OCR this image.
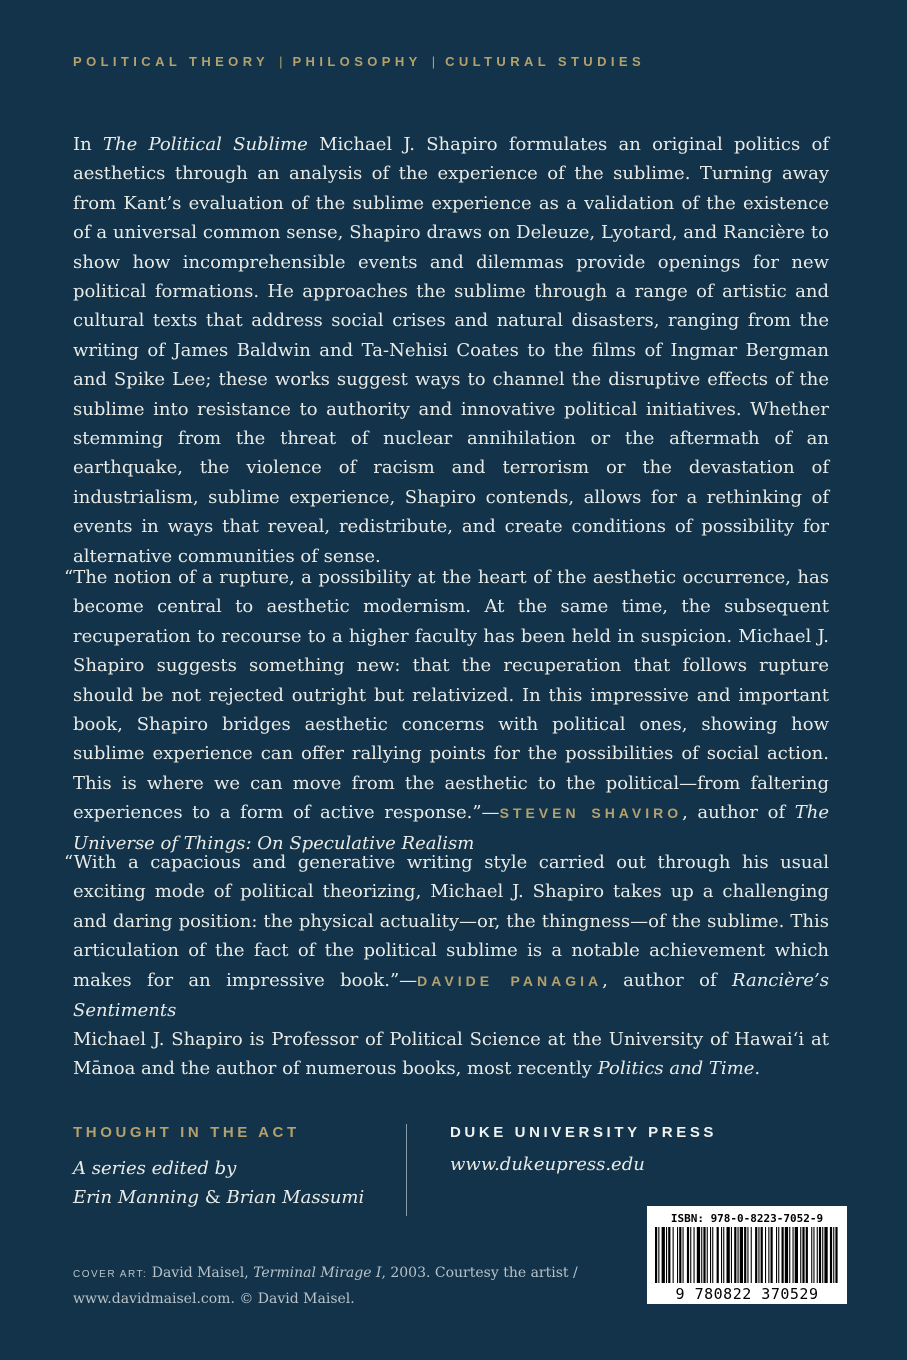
POLITICAL THEORY | PHILOSOPHY | CULTURAL STUDIES

In The Political Sublime Michael J. Shapiro formulates an original politics of aesthetics through an analysis of the experience of the sublime. Turning away from Kant’s evaluation of the sublime experience as a validation of the existence of a universal common sense, Shapiro draws on Deleuze, Lyotard, and Rancière to show how incomprehensible events and dilemmas provide openings for new political formations. He approaches the sublime through a range of artistic and cultural texts that address social crises and natural disasters, ranging from the writing of James Baldwin and Ta-Nehisi Coates to the films of Ingmar Bergman and Spike Lee; these works suggest ways to channel the disruptive effects of the sublime into resistance to authority and innovative political initiatives. Whether stemming from the threat of nuclear annihilation or the aftermath of an earthquake, the violence of racism and terrorism or the devastation of industrialism, sublime experience, Shapiro contends, allows for a rethinking of events in ways that reveal, redistribute, and create conditions of possibility for alternative communities of sense.

“The notion of a rupture, a possibility at the heart of the aesthetic occurrence, has become central to aesthetic modernism. At the same time, the subsequent recuperation to recourse to a higher faculty has been held in suspicion. Michael J. Shapiro suggests something new: that the recuperation that follows rupture should be not rejected outright but relativized. In this impressive and important book, Shapiro bridges aesthetic concerns with political ones, showing how sublime experience can offer rallying points for the possibilities of social action. This is where we can move from the aesthetic to the political—from faltering experiences to a form of active response.”—STEVEN SHAVIRO, author of The Universe of Things: On Speculative Realism

“With a capacious and generative writing style carried out through his usual exciting mode of political theorizing, Michael J. Shapiro takes up a challenging and daring position: the physical actuality—or, the thingness—of the sublime. This articulation of the fact of the political sublime is a notable achievement which makes for an impressive book.”—DAVIDE PANAGIA, author of Rancière’s Sentiments

Michael J. Shapiro is Professor of Political Science at the University of Hawai‘i at Mānoa and the author of numerous books, most recently Politics and Time.

THOUGHT IN THE ACT
A series edited by
Erin Manning & Brian Massumi
DUKE UNIVERSITY PRESS
www.dukeupress.edu
COVER ART: David Maisel, Terminal Mirage I, 2003. Courtesy the artist / www.davidmaisel.com. © David Maisel.
ISBN: 978-0-8223-7052-9
9 780822 370529
